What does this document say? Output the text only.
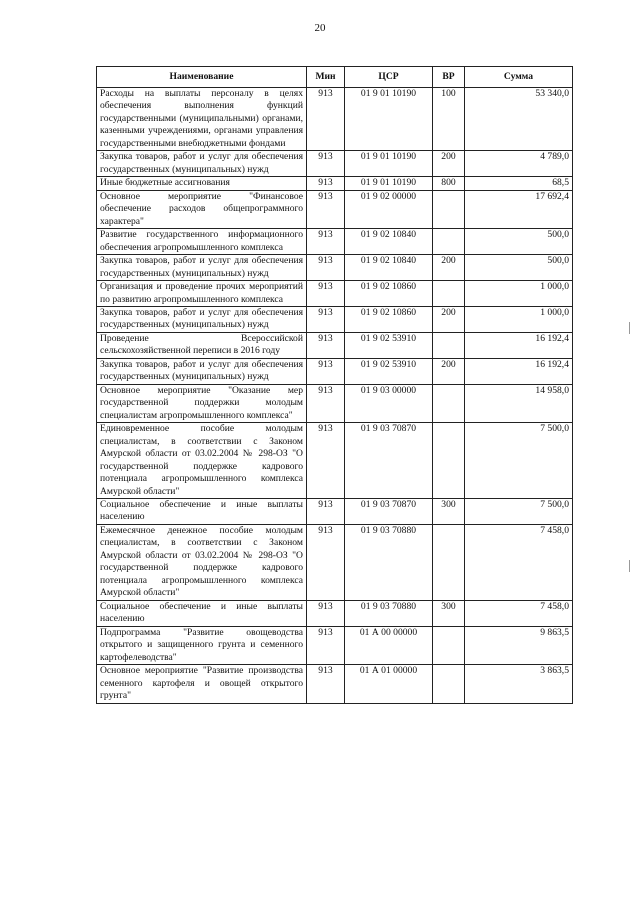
20
Наименование	Мин	ЦСР	ВР	Сумма
Расходы на выплаты персоналу в целях обеспечения выполнения функций государственными (муниципальными) органами, казенными учреждениями, органами управления государственными внебюджетными фондами	913	01 9 01 10190	100	53 340,0
Закупка товаров, работ и услуг для обеспечения государственных (муниципальных) нужд	913	01 9 01 10190	200	4 789,0
Иные бюджетные ассигнования	913	01 9 01 10190	800	68,5
Основное мероприятие "Финансовое обеспечение расходов общепрограммного характера"	913	01 9 02 00000		17 692,4
Развитие государственного информационного обеспечения агропромышленного комплекса	913	01 9 02 10840		500,0
Закупка товаров, работ и услуг для обеспечения государственных (муниципальных) нужд	913	01 9 02 10840	200	500,0
Организация и проведение прочих мероприятий по развитию агропромышленного комплекса	913	01 9 02 10860		1 000,0
Закупка товаров, работ и услуг для обеспечения государственных (муниципальных) нужд	913	01 9 02 10860	200	1 000,0
Проведение Всероссийской сельскохозяйственной переписи в 2016 году	913	01 9 02 53910		16 192,4
Закупка товаров, работ и услуг для обеспечения государственных (муниципальных) нужд	913	01 9 02 53910	200	16 192,4
Основное мероприятие "Оказание мер государственной поддержки молодым специалистам агропромышленного комплекса"	913	01 9 03 00000		14 958,0
Единовременное пособие молодым специалистам, в соответствии с Законом Амурской области от 03.02.2004 № 298-ОЗ "О государственной поддержке кадрового потенциала агропромышленного комплекса Амурской области"	913	01 9 03 70870		7 500,0
Социальное обеспечение и иные выплаты населению	913	01 9 03 70870	300	7 500,0
Ежемесячное денежное пособие молодым специалистам, в соответствии с Законом Амурской области от 03.02.2004 № 298-ОЗ "О государственной поддержке кадрового потенциала агропромышленного комплекса Амурской области"	913	01 9 03 70880		7 458,0
Социальное обеспечение и иные выплаты населению	913	01 9 03 70880	300	7 458,0
Подпрограмма "Развитие овощеводства открытого и защищенного грунта и семенного картофелеводства"	913	01 А 00 00000		9 863,5
Основное мероприятие "Развитие производства семенного картофеля и овощей открытого грунта"	913	01 А 01 00000		3 863,5
